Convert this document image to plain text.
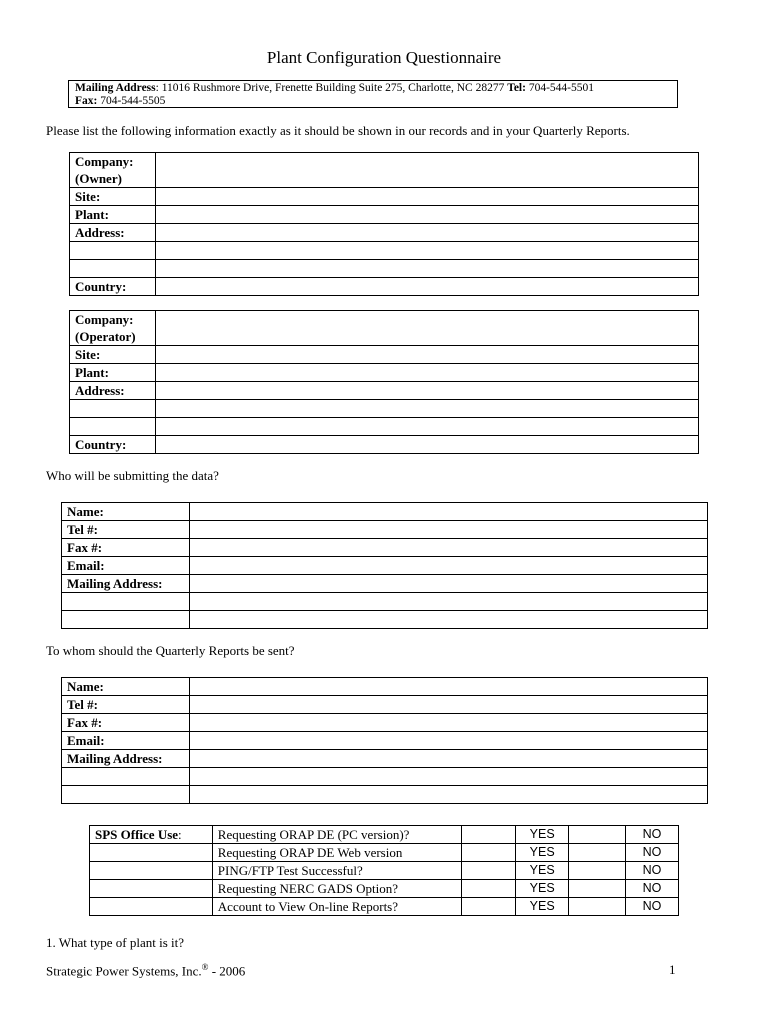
Plant Configuration Questionnaire
Mailing Address: 11016 Rushmore Drive, Frenette Building Suite 275, Charlotte, NC 28277 Tel: 704-544-5501
Fax: 704-544-5505
Please list the following information exactly as it should be shown in our records and in your Quarterly Reports.
Company:
(Owner)	

Site:	
Plant:	
Address:	

Country:	
Company:
(Operator)	

Site:	
Plant:	
Address:	

Country:	
Who will be submitting the data?
Name:	
Tel #:	
Fax #:	
Email:	
Mailing Address:	

To whom should the Quarterly Reports be sent?
Name:	
Tel #:	
Fax #:	
Email:	
Mailing Address:	

SPS Office Use:	Requesting ORAP DE (PC version)?		YES		NO
	Requesting ORAP DE Web version		YES		NO
	PING/FTP Test Successful?		YES		NO
	Requesting NERC GADS Option?		YES		NO
	Account to View On-line Reports?		YES		NO
1. What type of plant is it?
Strategic Power Systems, Inc.® - 2006	1
